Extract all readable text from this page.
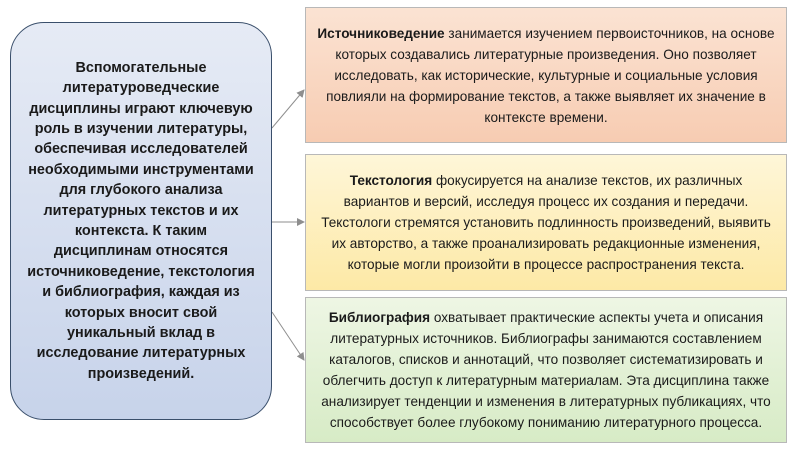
Вспомогательные литературоведческие дисциплины играют ключевую роль в изучении литературы, обеспечивая исследователей необходимыми инструментами для глубокого анализа литературных текстов и их контекста. К таким дисциплинам относятся источниковедение, текстология и библиография, каждая из которых вносит свой уникальный вклад в исследование литературных произведений.
Источниковедение занимается изучением первоисточников, на основе которых создавались литературные произведения. Оно позволяет исследовать, как исторические, культурные и социальные условия повлияли на формирование текстов, а также выявляет их значение в контексте времени.
Текстология фокусируется на анализе текстов, их различных вариантов и версий, исследуя процесс их создания и передачи. Текстологи стремятся установить подлинность произведений, выявить их авторство, а также проанализировать редакционные изменения, которые могли произойти в процессе распространения текста.
Библиография охватывает практические аспекты учета и описания литературных источников. Библиографы занимаются составлением каталогов, списков и аннотаций, что позволяет систематизировать и облегчить доступ к литературным материалам. Эта дисциплина также анализирует тенденции и изменения в литературных публикациях, что способствует более глубокому пониманию литературного процесса.
